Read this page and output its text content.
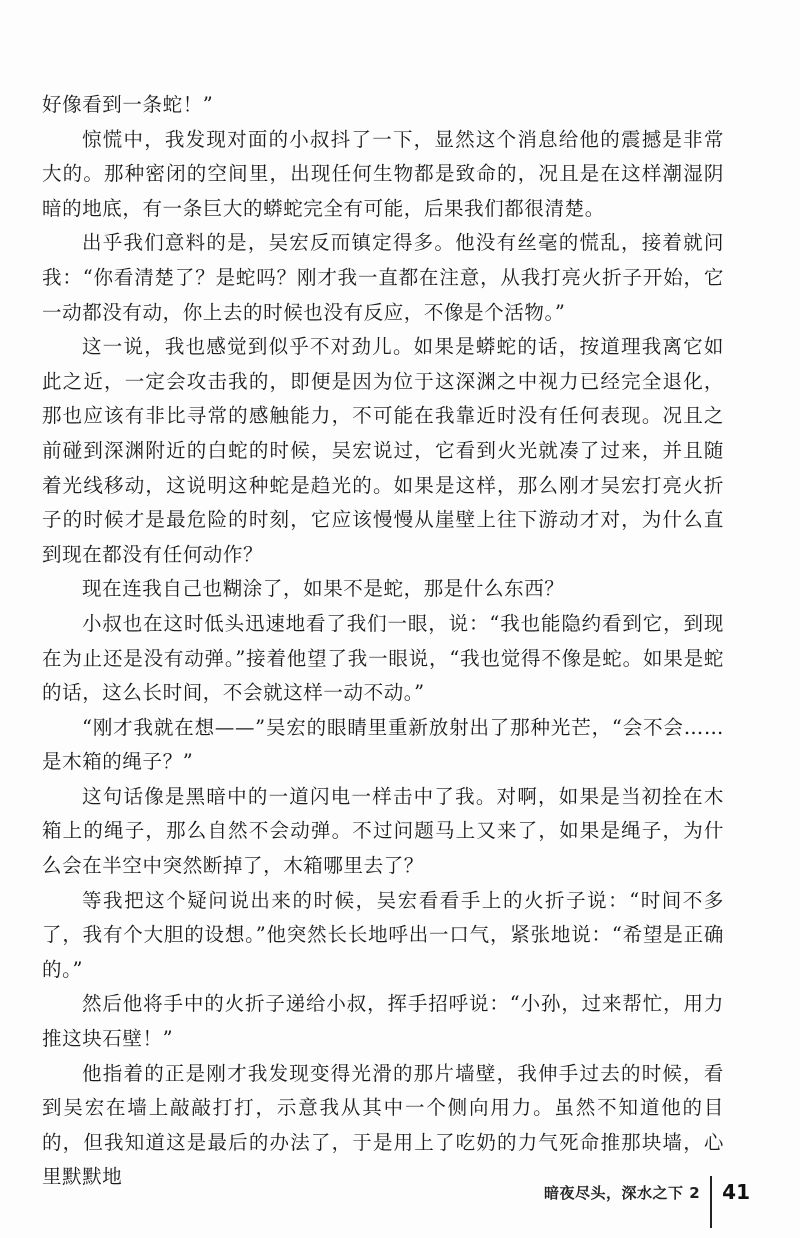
好像看到一条蛇！”

惊慌中，我发现对面的小叔抖了一下，显然这个消息给他的震撼是非常大的。那种密闭的空间里，出现任何生物都是致命的，况且是在这样潮湿阴暗的地底，有一条巨大的蟒蛇完全有可能，后果我们都很清楚。

出乎我们意料的是，吴宏反而镇定得多。他没有丝毫的慌乱，接着就问我：“你看清楚了？是蛇吗？刚才我一直都在注意，从我打亮火折子开始，它一动都没有动，你上去的时候也没有反应，不像是个活物。”

这一说，我也感觉到似乎不对劲儿。如果是蟒蛇的话，按道理我离它如此之近，一定会攻击我的，即便是因为位于这深渊之中视力已经完全退化，那也应该有非比寻常的感触能力，不可能在我靠近时没有任何表现。况且之前碰到深渊附近的白蛇的时候，吴宏说过，它看到火光就凑了过来，并且随着光线移动，这说明这种蛇是趋光的。如果是这样，那么刚才吴宏打亮火折子的时候才是最危险的时刻，它应该慢慢从崖壁上往下游动才对，为什么直到现在都没有任何动作？

现在连我自己也糊涂了，如果不是蛇，那是什么东西？

小叔也在这时低头迅速地看了我们一眼，说：“我也能隐约看到它，到现在为止还是没有动弹。”接着他望了我一眼说，“我也觉得不像是蛇。如果是蛇的话，这么长时间，不会就这样一动不动。”

“刚才我就在想——”吴宏的眼睛里重新放射出了那种光芒，“会不会……是木箱的绳子？”

这句话像是黑暗中的一道闪电一样击中了我。对啊，如果是当初拴在木箱上的绳子，那么自然不会动弹。不过问题马上又来了，如果是绳子，为什么会在半空中突然断掉了，木箱哪里去了？

等我把这个疑问说出来的时候，吴宏看看手上的火折子说：“时间不多了，我有个大胆的设想。”他突然长长地呼出一口气，紧张地说：“希望是正确的。”

然后他将手中的火折子递给小叔，挥手招呼说：“小孙，过来帮忙，用力推这块石壁！”

他指着的正是刚才我发现变得光滑的那片墙壁，我伸手过去的时候，看到吴宏在墙上敲敲打打，示意我从其中一个侧向用力。虽然不知道他的目的，但我知道这是最后的办法了，于是用上了吃奶的力气死命推那块墙，心里默默地

暗夜尽头，深水之下 2	41
